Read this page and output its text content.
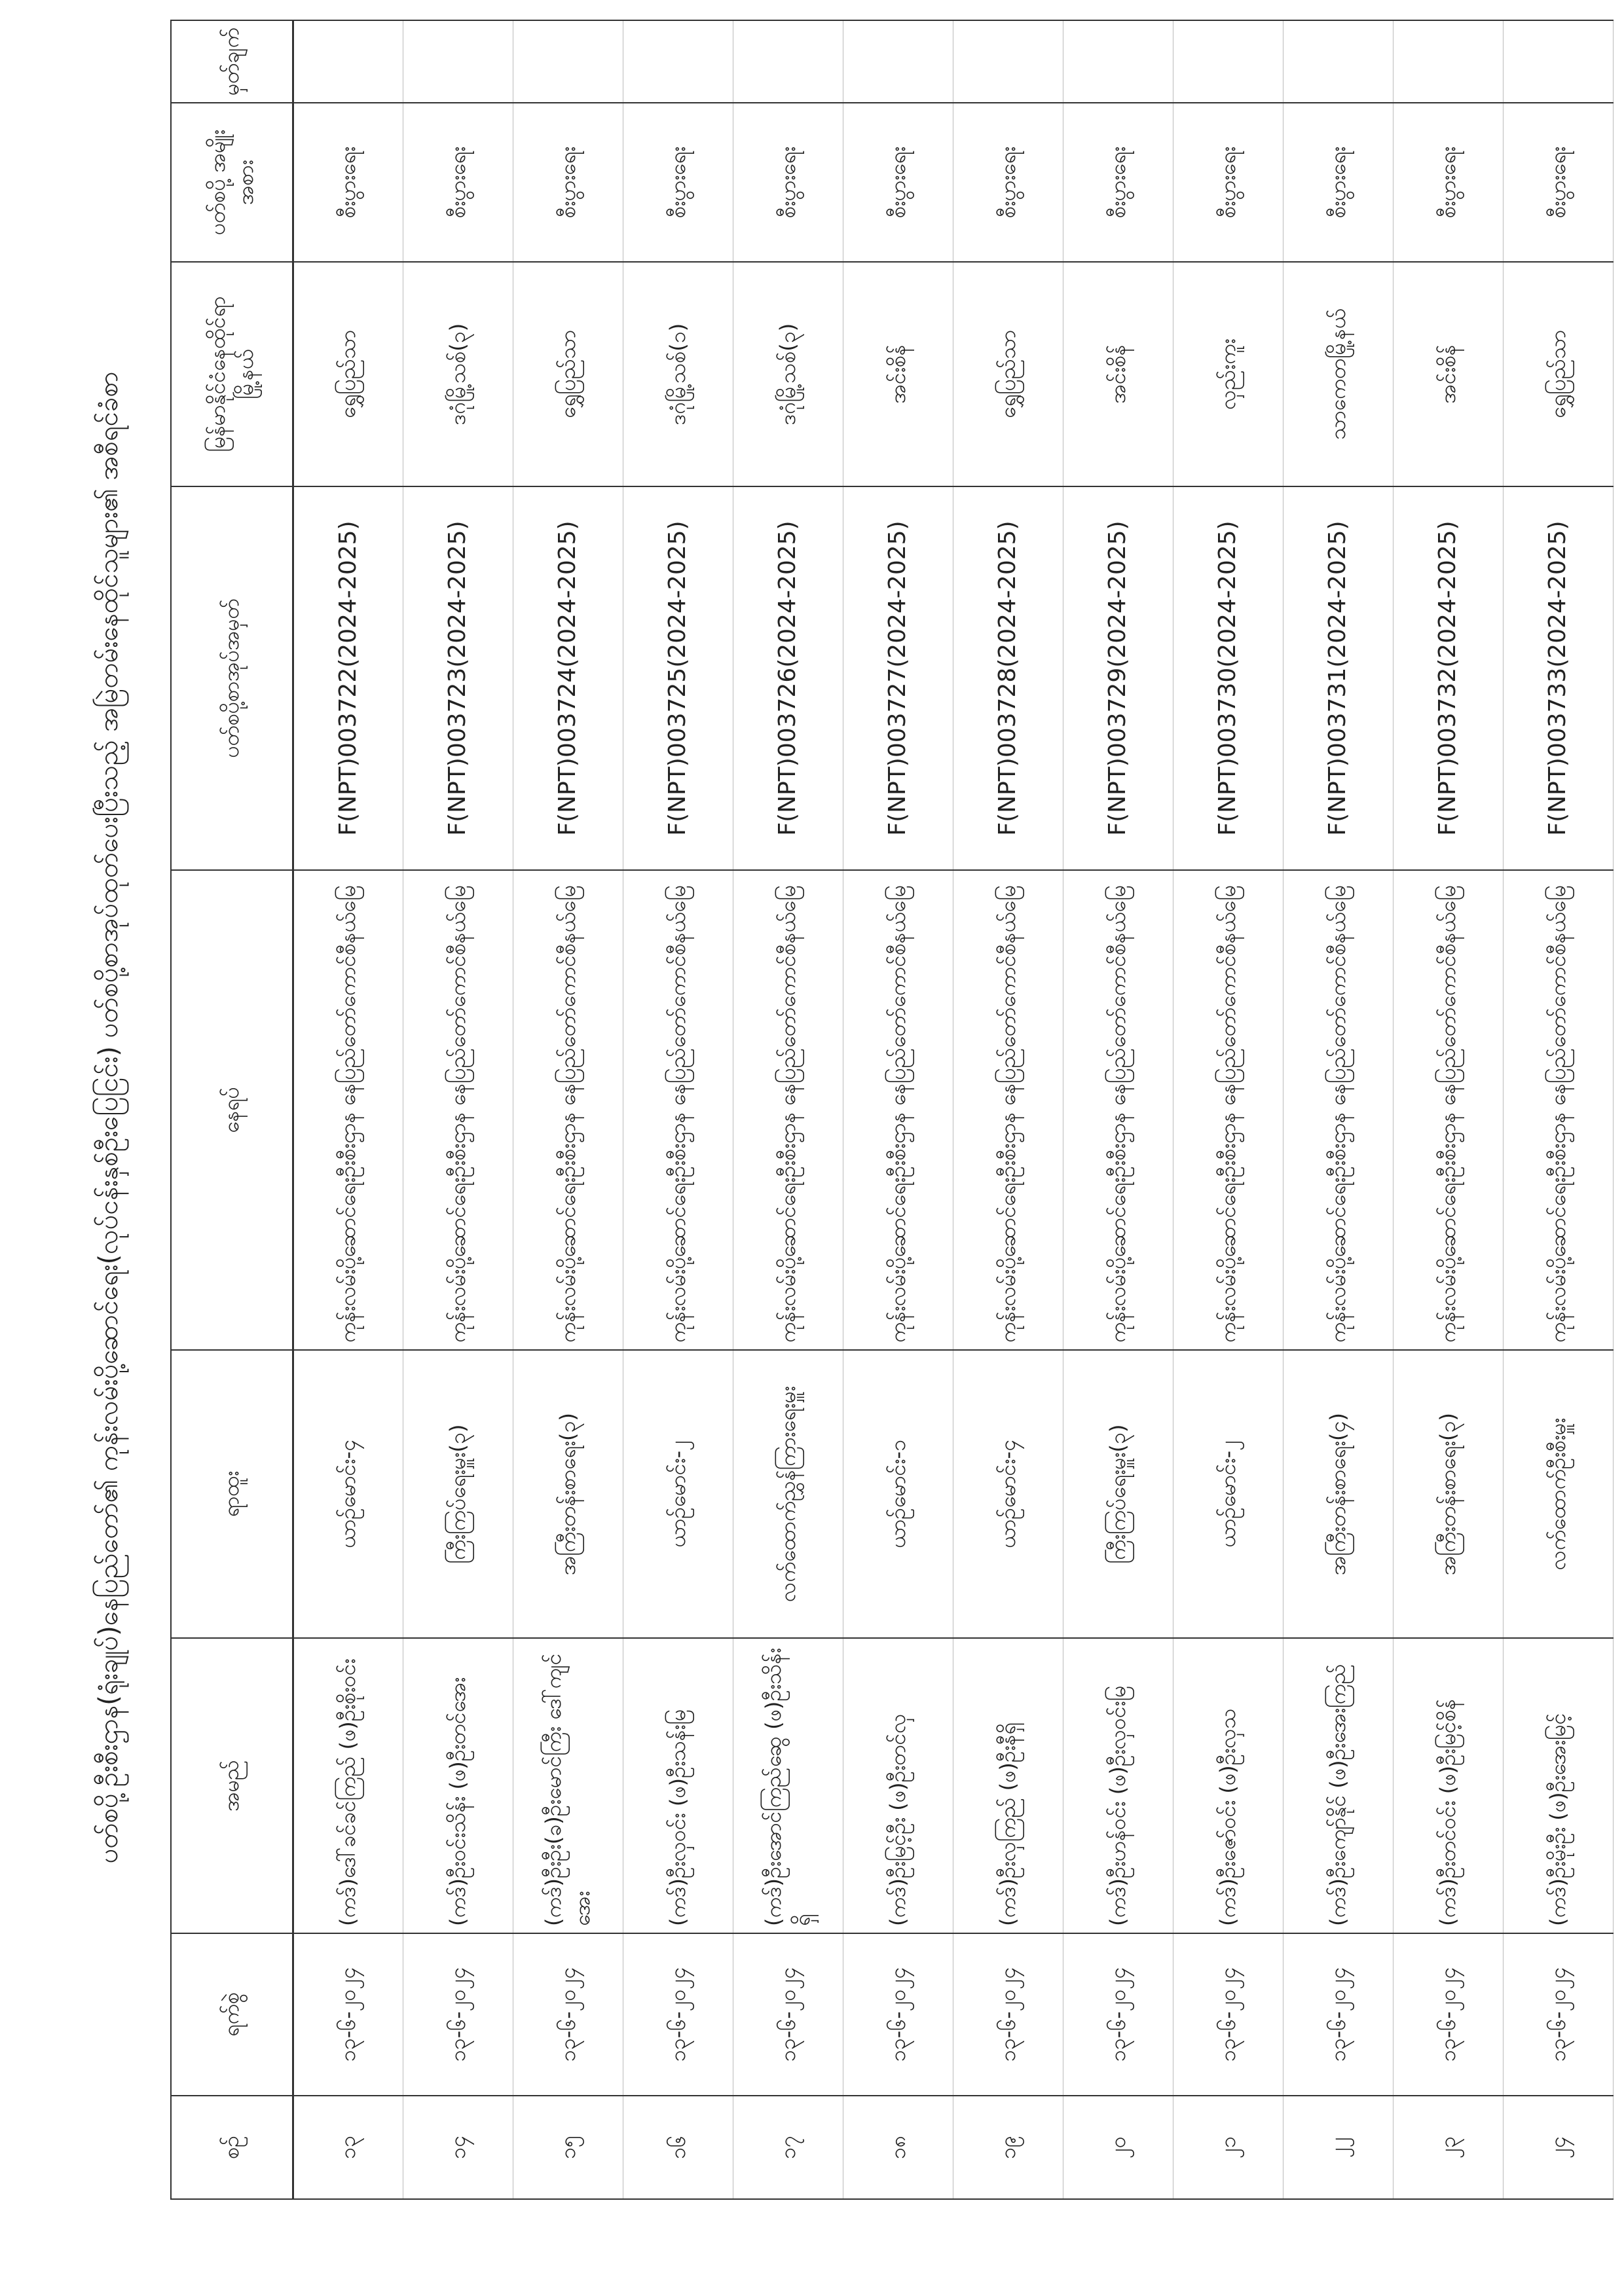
ပတ်စပို့ဦးစီးဌာန(ရုံးချုပ်)နေပြည်တော်၏ ကုန်းလမ်းပို့ဆောင်ရေး(လုပ်ငန်းနှစ်ဦးပြေငြင်း) ပတ်စပို့စာအုပ်ထုတ်ပေးပြီးသည့် အမြဲတမ်းနေထိုင်သူများ၏ အစီရင်ခံစာ
စဉ်	ရက်စွဲ	အမည်	ရာထူး	နေရပ်	ပတ်စပို့စာအုပ်အမှတ်	မြန်မာနိုင်ငံနေထိုင်ရာ မြို့နယ်	ပတ်စပို့ အမျိုးအစား	မှတ်ချက်
၁၃	၁၃-၆-၂၀၂၄	(ကဒ်)ဒေါ်ခင်ခင်ကြည် (ဖ)ဦးစိုးဝင်း	ယာဉ်မောင်း-၄	ကုန်းလမ်းပို့ဆောင်ရေးဦးစီးဌာန နေပြည်တော်ကောင်စီနယ်မြေ	F(NPT)003722(2024-2025)	ရွှေပြည်သာ	စီးပွားရေး	
၁၄	၁၃-၆-၂၀၂၄	(ကဒ်)ဦးဝင်းသိန်း (ဖ)ဦးတင်အေး	ကြီးကြပ်ရေးမှူး(၃)	ကုန်းလမ်းပို့ဆောင်ရေးဦးစီးဌာန နေပြည်တော်ကောင်စီနယ်မြေ	F(NPT)003723(2024-2025)	ဒဂုံမြို့သစ်(၃)	စီးပွားရေး	
၁၅	၁၃-၆-၂၀၂၄	(ကဒ်)ဦးဦး(ခ)ဦးမောင်ကြီး ဒေါ်ကျင်အေး	အကြီးတန်းစာရေး(၃)	ကုန်းလမ်းပို့ဆောင်ရေးဦးစီးဌာန နေပြည်တော်ကောင်စီနယ်မြေ	F(NPT)003724(2024-2025)	ရွှေပြည်သာ	စီးပွားရေး	
၁၆	၁၃-၆-၂၀၂၄	(ကဒ်)ဦးလှဝင်း (ဖ)ဦးသန်းမြ	ယာဉ်မောင်း-၂	ကုန်းလမ်းပို့ဆောင်ရေးဦးစီးဌာန နေပြည်တော်ကောင်စီနယ်မြေ	F(NPT)003725(2024-2025)	ဒဂုံမြို့သစ်(၁)	စီးပွားရေး	
၁၇	၁၃-၆-၂၀၂၄	(ကဒ်)ဦးအောင်ကြည်ဆွေ (ဖ)ဦးသိန်းရှိ	လက်ထောက်ညွှန်ကြားရေးမှူး	ကုန်းလမ်းပို့ဆောင်ရေးဦးစီးဌာန နေပြည်တော်ကောင်စီနယ်မြေ	F(NPT)003726(2024-2025)	ဒဂုံမြို့သစ်(၃)	စီးပွားရေး	
၁၈	၁၃-၆-၂၀၂၄	(ကဒ်)ဦးမြင့်ဦး (ဖ)ဦးတင်လှ	ယာဉ်မောင်း-၁	ကုန်းလမ်းပို့ဆောင်ရေးဦးစီးဌာန နေပြည်တော်ကောင်စီနယ်မြေ	F(NPT)003727(2024-2025)	အင်းစိန်	စီးပွားရေး	
၁၉	၁၃-၆-၂၀၂၄	(ကဒ်)ဦးလှကြည် (ဖ)ဦးနီရှိ	ယာဉ်မောင်း-၄	ကုန်းလမ်းပို့ဆောင်ရေးဦးစီးဌာန နေပြည်တော်ကောင်စီနယ်မြေ	F(NPT)003728(2024-2025)	ရွှေပြည်သာ	စီးပွားရေး	
၂၀	၁၃-၆-၂၀၂၄	(ကဒ်)ဦးဟန်ဝင်း (ဖ)ဦးလှဝင်းမြ	ကြီးကြပ်ရေးမှူး(၃)	ကုန်းလမ်းပို့ဆောင်ရေးဦးစီးဌာန နေပြည်တော်ကောင်စီနယ်မြေ	F(NPT)003729(2024-2025)	အင်းစိန်	စီးပွားရေး	
၂၁	၁၃-၆-၂၀၂၄	(ကဒ်)ဦးဇော်ဝင်း (ဖ)ဦးလှသ	ယာဉ်မောင်း-၂	ကုန်းလမ်းပို့ဆောင်ရေးဦးစီးဌာန နေပြည်တော်ကောင်စီနယ်မြေ	F(NPT)003730(2024-2025)	လှည်းကူး	စီးပွားရေး	
၂၂	၁၃-၆-၂၀၂၄	(ကဒ်)ဦးကျော်နိုင် (ဖ)ဦးအေးကြည်	အကြီးတန်းစာရေး(၄)	ကုန်းလမ်းပို့ဆောင်ရေးဦးစီးဌာန နေပြည်တော်ကောင်စီနယ်မြေ	F(NPT)003731(2024-2025)	သာကေတမြို့နယ်	စီးပွားရေး	
၂၃	၁၃-၆-၂၀၂၄	(ကဒ်)ဦးတင်ဝင်း (ဖ)ဦးမြင့်စိန်	အကြီးတန်းစာရေး(၃)	ကုန်းလမ်းပို့ဆောင်ရေးဦးစီးဌာန နေပြည်တော်ကောင်စီနယ်မြေ	F(NPT)003732(2024-2025)	အင်းစိန်	စီးပွားရေး	
၂၄	၁၃-၆-၂၀၂၄	(ကဒ်)ဦးမိုးဦး (ဖ)ဦးအေးမြင့်	လက်ထောက်ဦးစီးမှူး	ကုန်းလမ်းပို့ဆောင်ရေးဦးစီးဌာန နေပြည်တော်ကောင်စီနယ်မြေ	F(NPT)003733(2024-2025)	ရွှေပြည်သာ	စီးပွားရေး	
